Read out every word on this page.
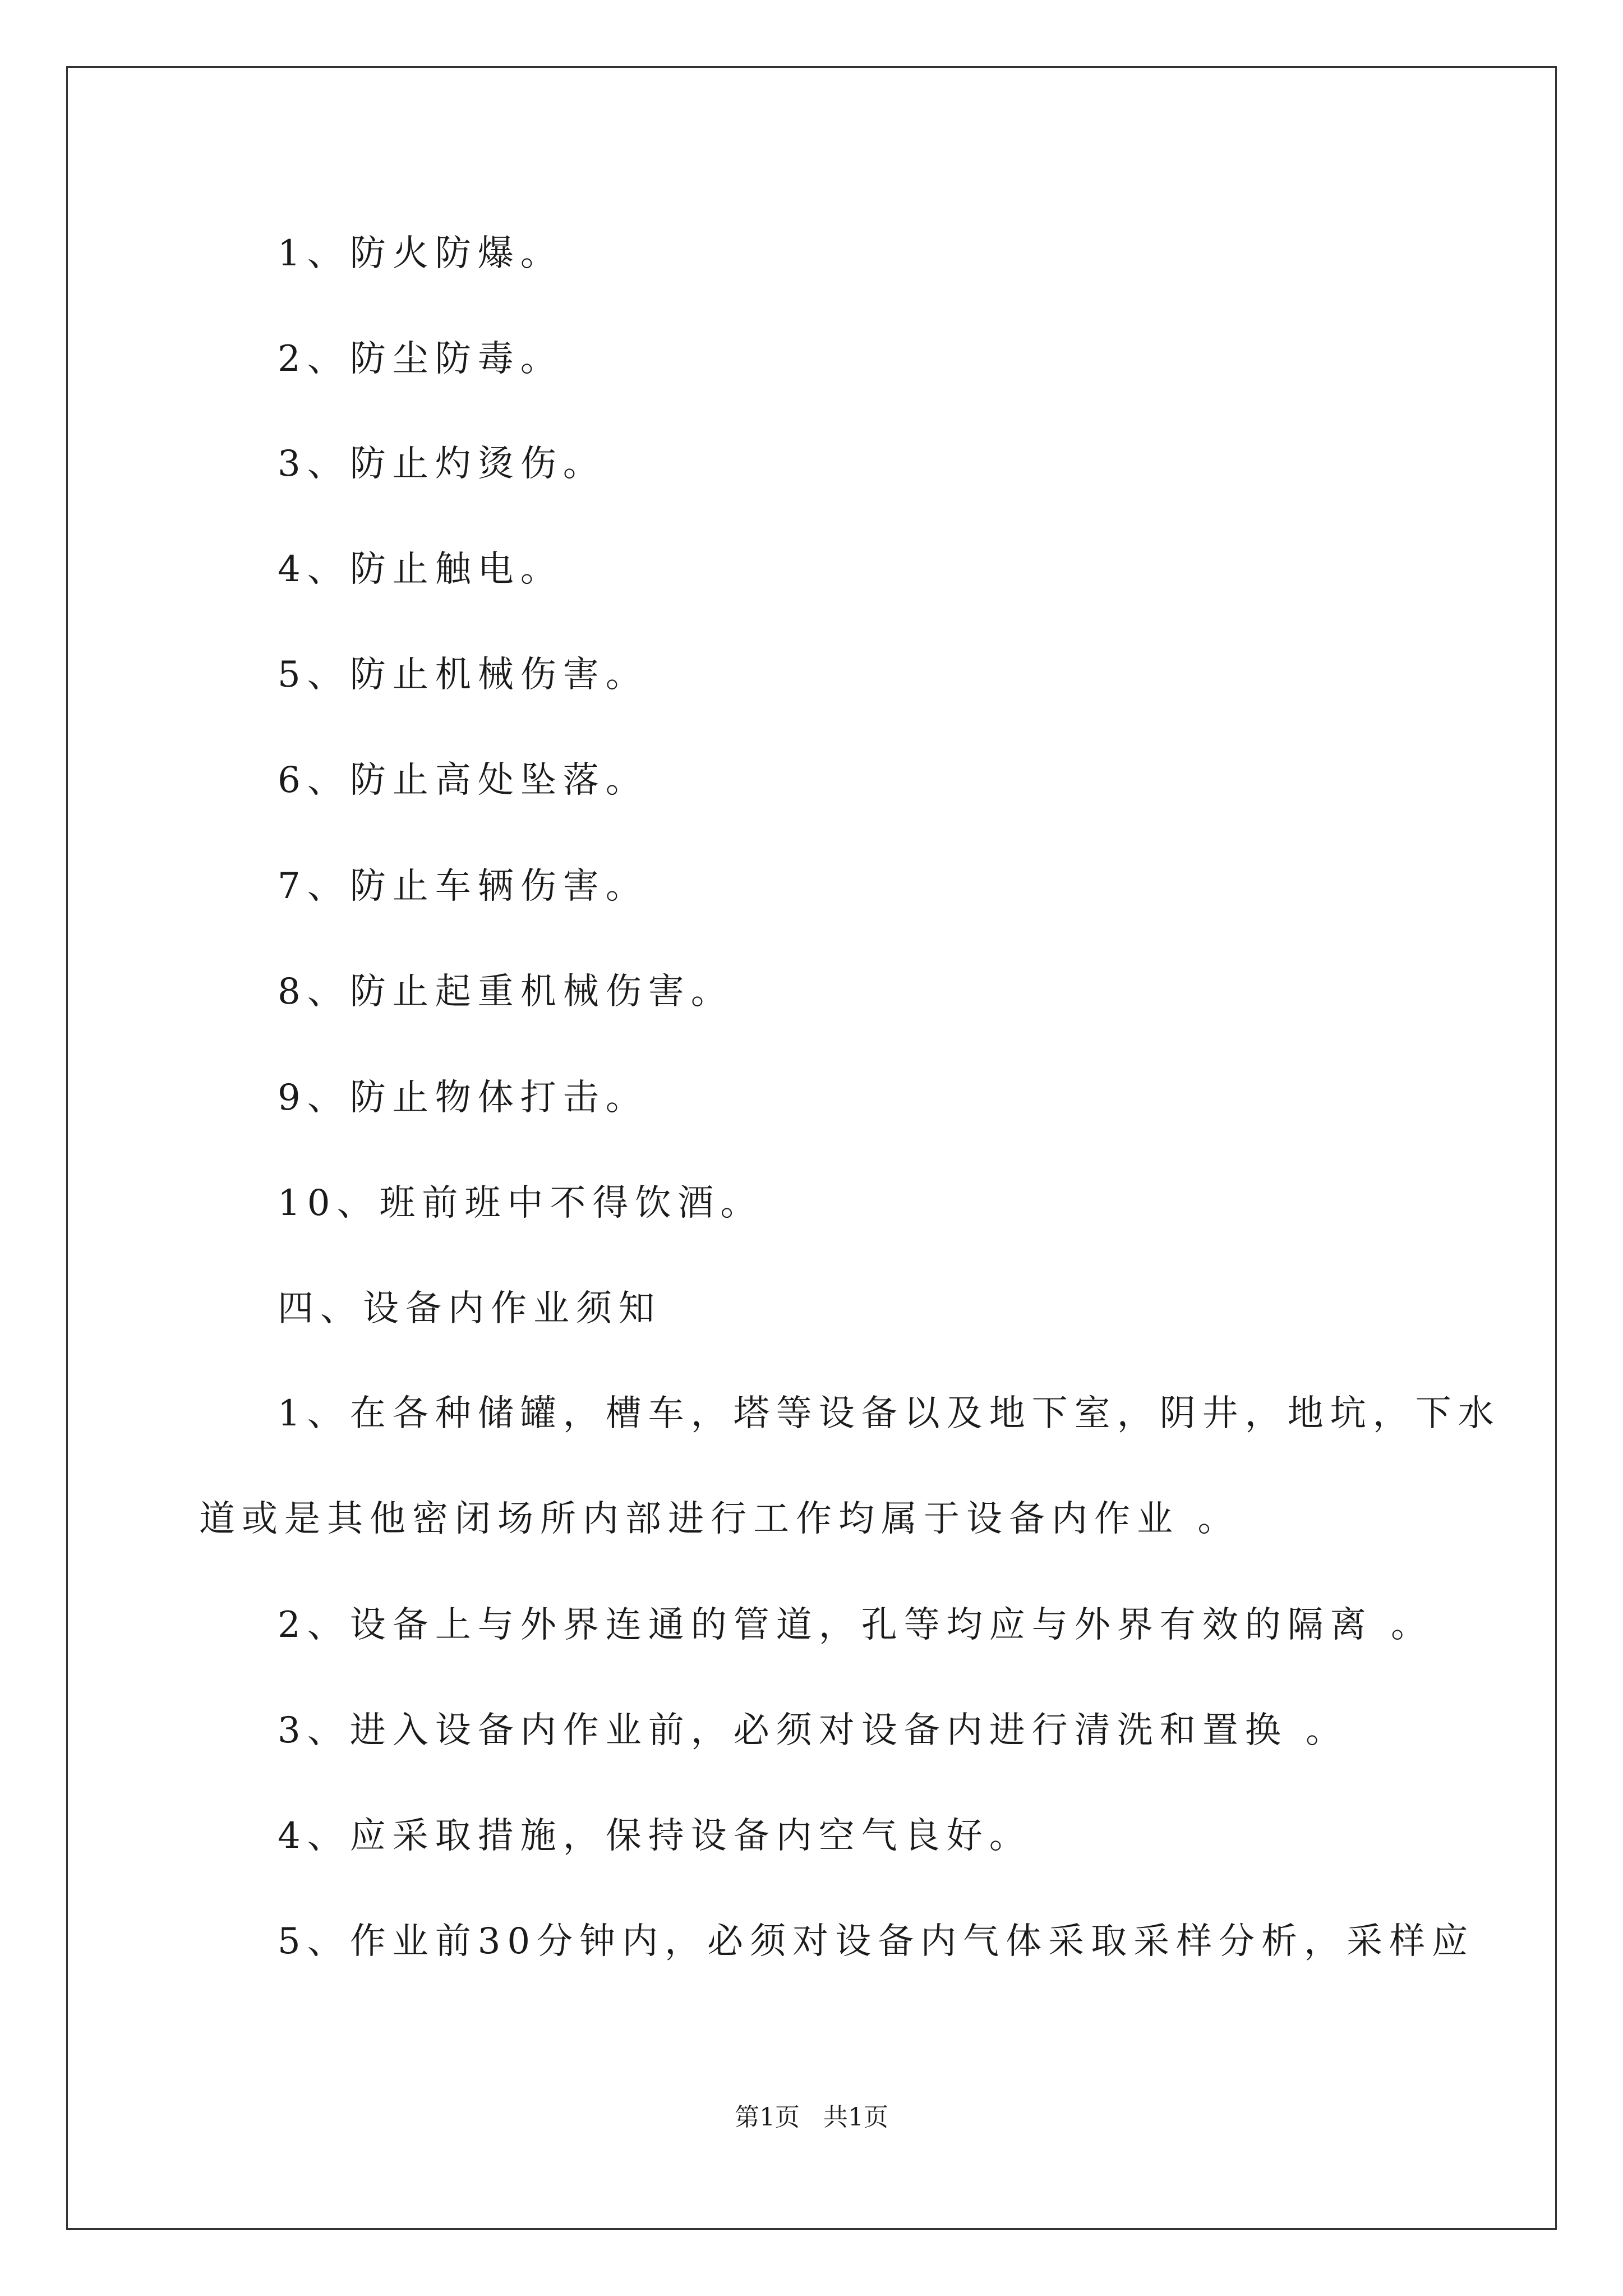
1、防火防爆。
2、防尘防毒。
3、防止灼烫伤。
4、防止触电。
5、防止机械伤害。
6、防止高处坠落。
7、防止车辆伤害。
8、防止起重机械伤害。
9、防止物体打击。
10、班前班中不得饮酒。
四、设备内作业须知
1、在各种储罐，槽车，塔等设备以及地下室，阴井，地坑，下水
道或是其他密闭场所内部进行工作均属于设备内作业 。
2、设备上与外界连通的管道，孔等均应与外界有效的隔离 。
3、进入设备内作业前，必须对设备内进行清洗和置换 。
4、应采取措施，保持设备内空气良好。
5、作业前30分钟内，必须对设备内气体采取采样分析，采样应
第1页   共1页
